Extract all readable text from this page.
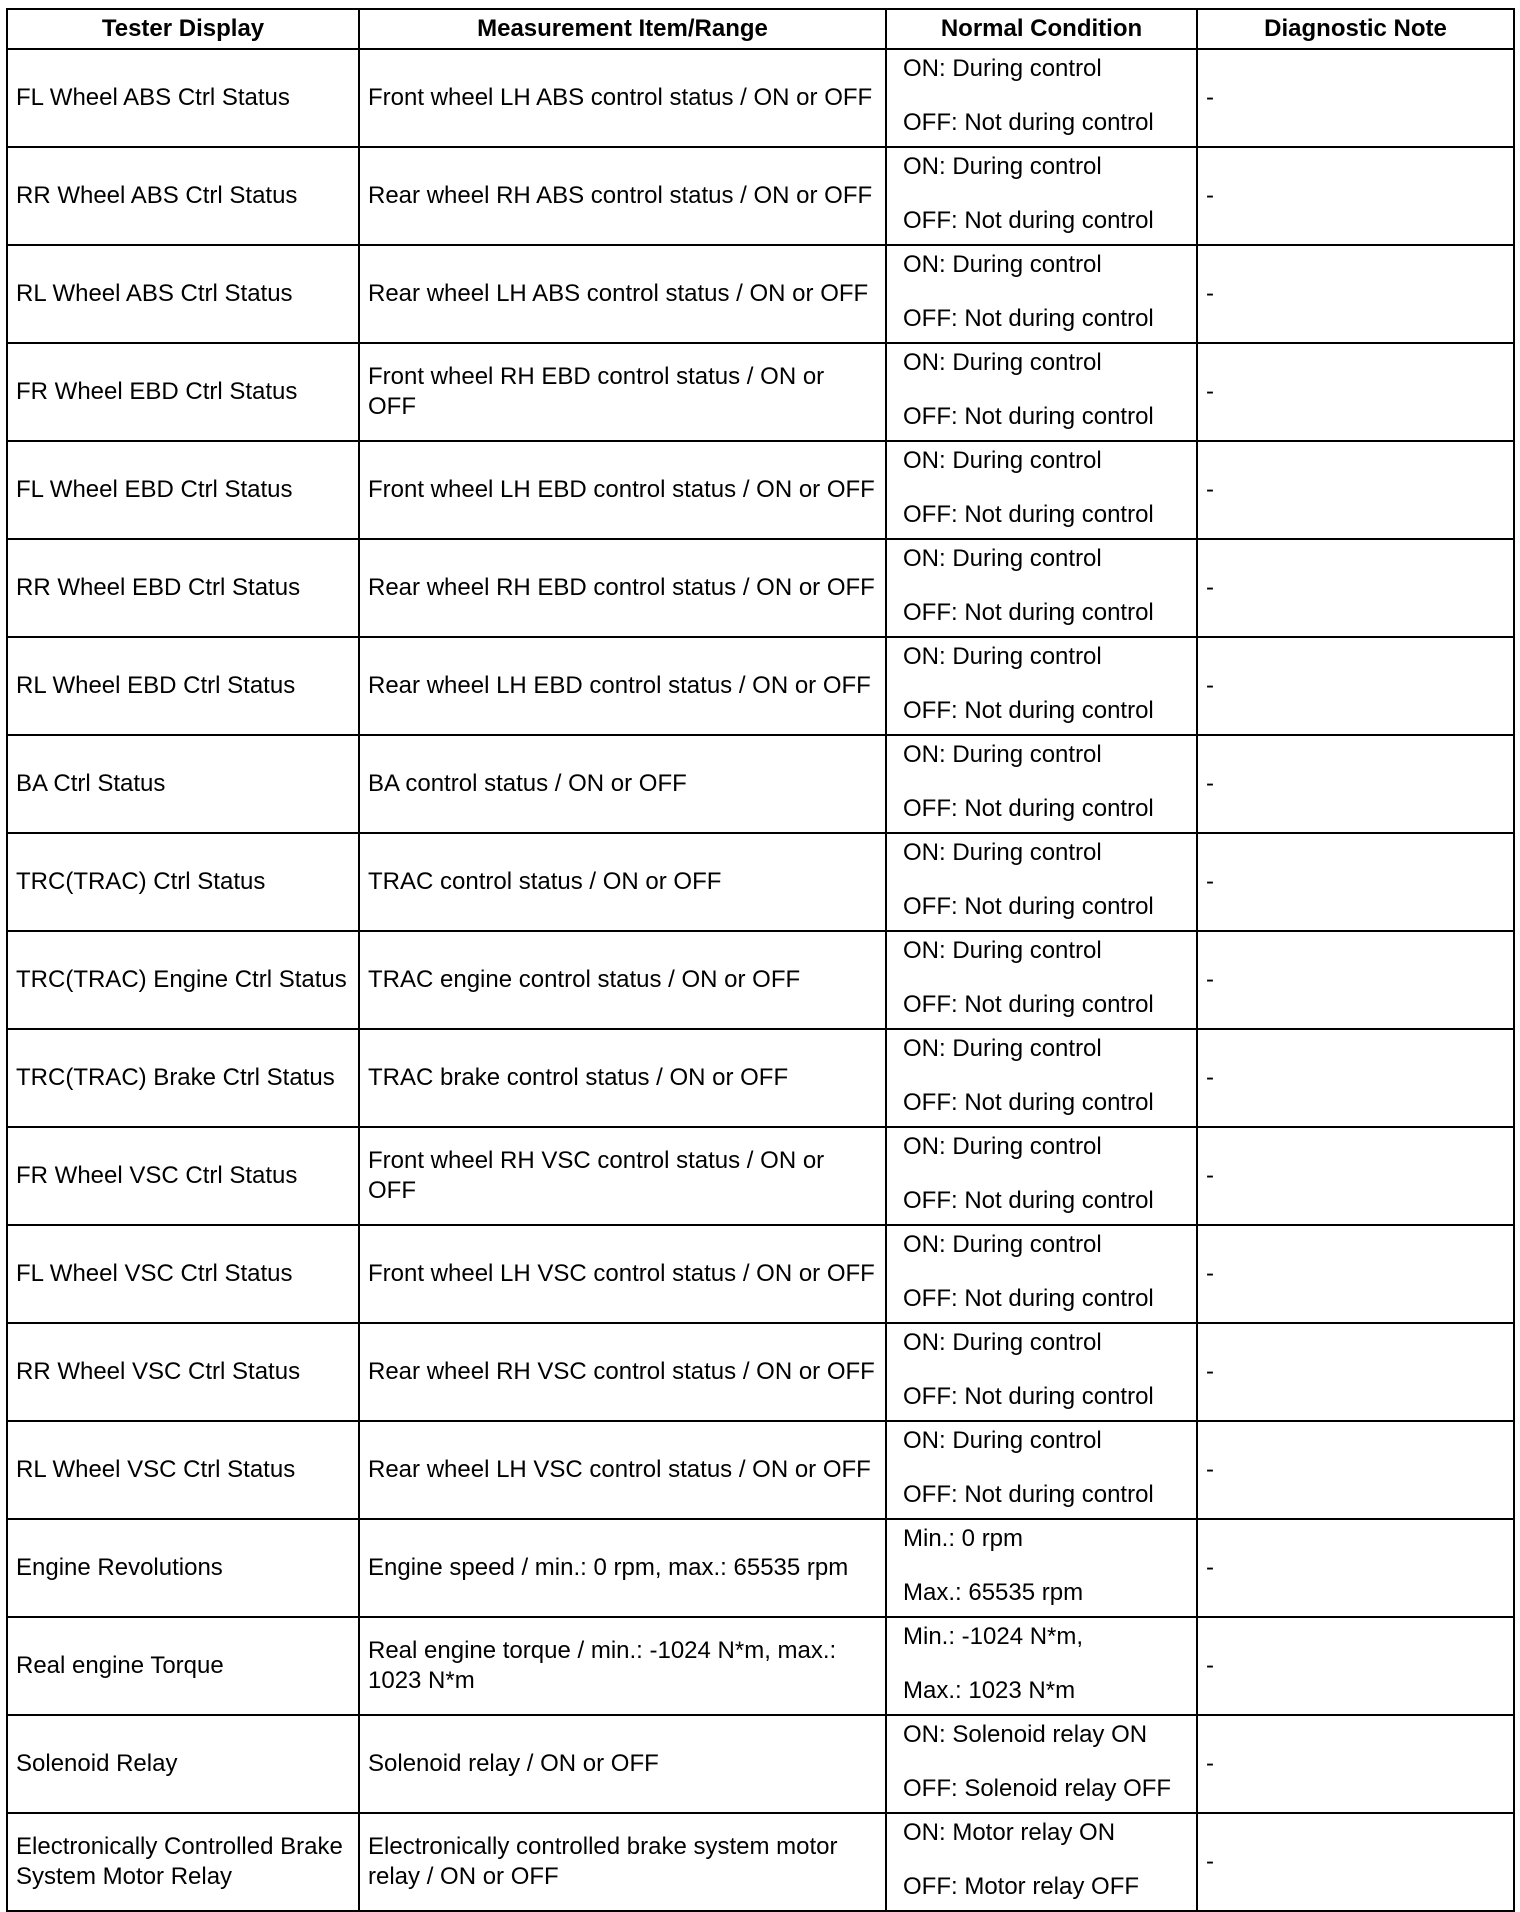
Tester Display	Measurement Item/Range	Normal Condition	Diagnostic Note
FL Wheel ABS Ctrl Status	Front wheel LH ABS control status / ON or OFF	ON: During control
OFF: Not during control	-
RR Wheel ABS Ctrl Status	Rear wheel RH ABS control status / ON or OFF	ON: During control
OFF: Not during control	-
RL Wheel ABS Ctrl Status	Rear wheel LH ABS control status / ON or OFF	ON: During control
OFF: Not during control	-
FR Wheel EBD Ctrl Status	Front wheel RH EBD control status / ON or OFF	ON: During control
OFF: Not during control	-
FL Wheel EBD Ctrl Status	Front wheel LH EBD control status / ON or OFF	ON: During control
OFF: Not during control	-
RR Wheel EBD Ctrl Status	Rear wheel RH EBD control status / ON or OFF	ON: During control
OFF: Not during control	-
RL Wheel EBD Ctrl Status	Rear wheel LH EBD control status / ON or OFF	ON: During control
OFF: Not during control	-
BA Ctrl Status	BA control status / ON or OFF	ON: During control
OFF: Not during control	-
TRC(TRAC) Ctrl Status	TRAC control status / ON or OFF	ON: During control
OFF: Not during control	-
TRC(TRAC) Engine Ctrl Status	TRAC engine control status / ON or OFF	ON: During control
OFF: Not during control	-
TRC(TRAC) Brake Ctrl Status	TRAC brake control status / ON or OFF	ON: During control
OFF: Not during control	-
FR Wheel VSC Ctrl Status	Front wheel RH VSC control status / ON or OFF	ON: During control
OFF: Not during control	-
FL Wheel VSC Ctrl Status	Front wheel LH VSC control status / ON or OFF	ON: During control
OFF: Not during control	-
RR Wheel VSC Ctrl Status	Rear wheel RH VSC control status / ON or OFF	ON: During control
OFF: Not during control	-
RL Wheel VSC Ctrl Status	Rear wheel LH VSC control status / ON or OFF	ON: During control
OFF: Not during control	-
Engine Revolutions	Engine speed / min.: 0 rpm, max.: 65535 rpm	Min.: 0 rpm
Max.: 65535 rpm	-
Real engine Torque	Real engine torque / min.: -1024 N*m, max.: 1023 N*m	Min.: -1024 N*m,
Max.: 1023 N*m	-
Solenoid Relay	Solenoid relay / ON or OFF	ON: Solenoid relay ON
OFF: Solenoid relay OFF	-
Electronically Controlled Brake System Motor Relay	Electronically controlled brake system motor relay / ON or OFF	ON: Motor relay ON
OFF: Motor relay OFF	-
